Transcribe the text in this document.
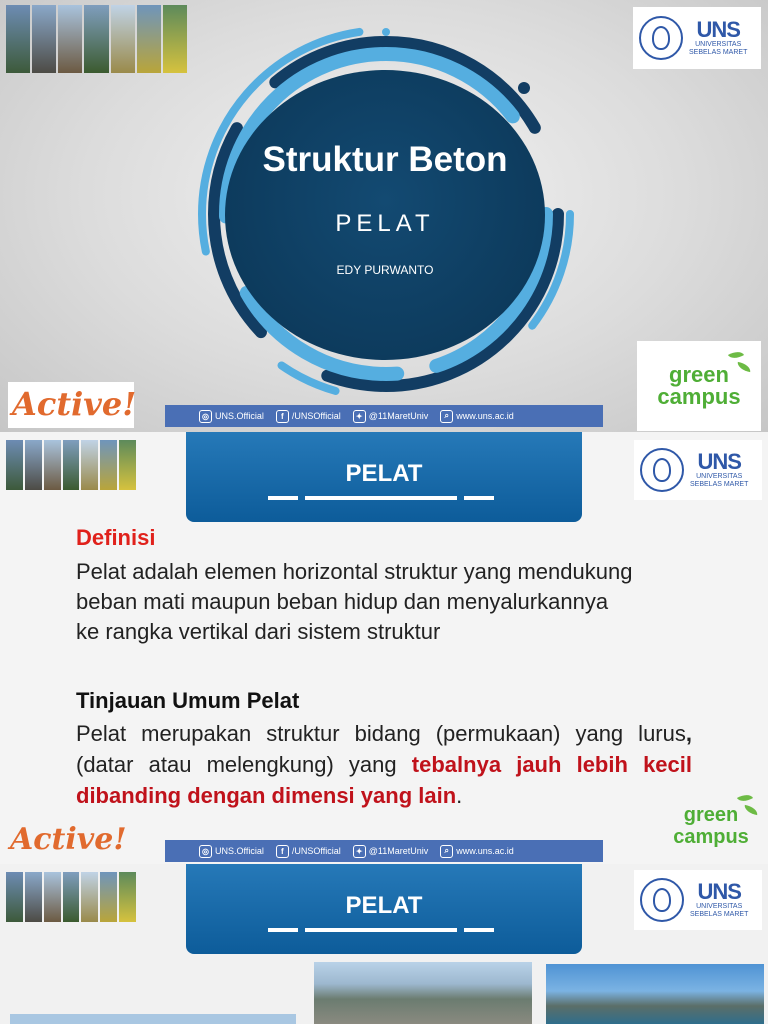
UNS
UNIVERSITAS
SEBELAS MARET
Struktur Beton
PELAT
EDY PURWANTO
Active!	◎ UNS.Official	f /UNSOfficial	✦ @11MaretUniv	⌕ www.uns.ac.id
green
campus
PELAT	UNS
UNIVERSITAS
SEBELAS MARET
Definisi
Pelat adalah elemen horizontal struktur yang mendukung
beban mati maupun beban hidup dan menyalurkannya
ke rangka vertikal dari sistem struktur
Tinjauan Umum Pelat
Pelat merupakan struktur bidang (permukaan) yang lurus, (datar atau melengkung) yang tebalnya jauh lebih kecil dibanding dengan dimensi yang lain.
Active!	◎ UNS.Official	f /UNSOfficial	✦ @11MaretUniv	⌕ www.uns.ac.id
green
campus
PELAT
UNS
UNIVERSITAS
SEBELAS MARET
